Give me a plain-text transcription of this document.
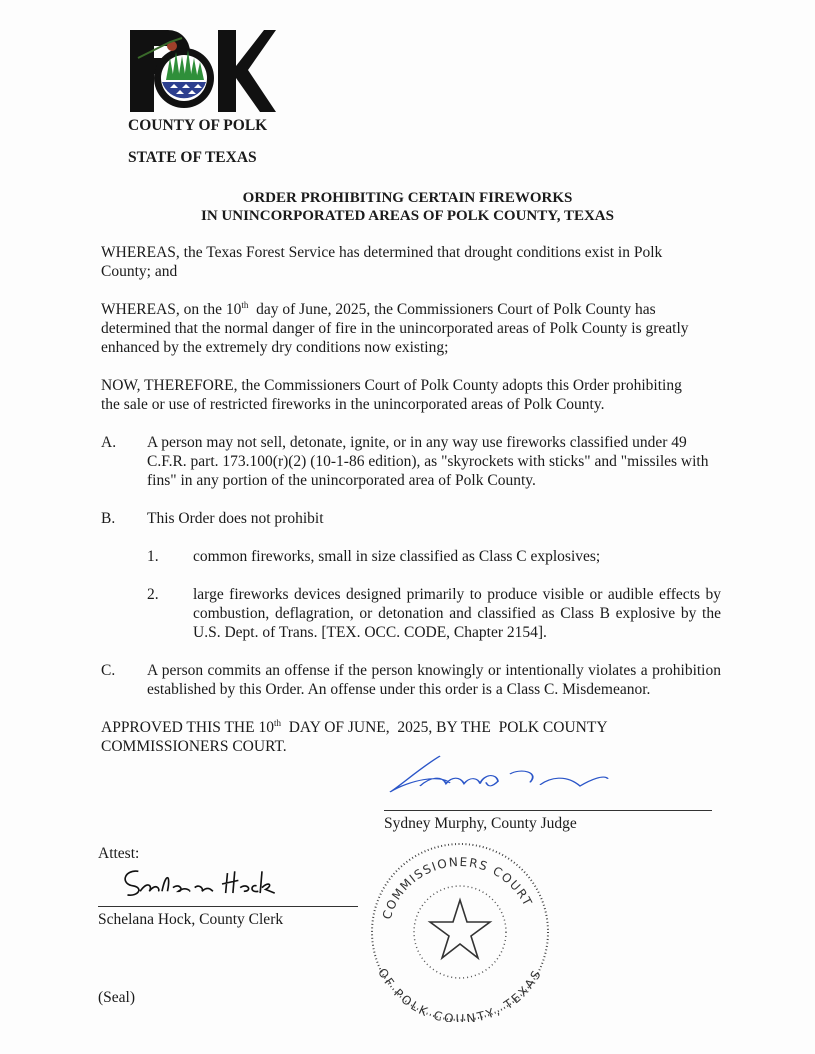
COUNTY OF POLK
STATE OF TEXAS
ORDER PROHIBITING CERTAIN FIREWORKS
IN UNINCORPORATED AREAS OF POLK COUNTY, TEXAS
WHEREAS, the Texas Forest Service has determined that drought conditions exist in Polk County; and
WHEREAS, on the 10th  day of June, 2025, the Commissioners Court of Polk County has determined that the normal danger of fire in the unincorporated areas of Polk County is greatly enhanced by the extremely dry conditions now existing;
NOW, THEREFORE, the Commissioners Court of Polk County adopts this Order prohibiting the sale or use of restricted fireworks in the unincorporated areas of Polk County.
A.	A person may not sell, detonate, ignite, or in any way use fireworks classified under 49 C.F.R. part. 173.100(r)(2) (10-1-86 edition), as "skyrockets with sticks" and "missiles with fins" in any portion of the unincorporated area of Polk County.
B.	This Order does not prohibit
1.	common fireworks, small in size classified as Class C explosives;
2.	large fireworks devices designed primarily to produce visible or audible effects by combustion, deflagration, or detonation and classified as Class B explosive by the U.S. Dept. of Trans. [TEX. OCC. CODE, Chapter 2154].
C.	A person commits an offense if the person knowingly or intentionally violates a prohibition established by this Order. An offense under this order is a Class C. Misdemeanor.
APPROVED THIS THE 10th  DAY OF JUNE,  2025, BY THE  POLK COUNTY
COMMISSIONERS COURT.
Sydney Murphy, County Judge
Attest:
Schelana Hock, County Clerk
(Seal)
COMMISSIONERS COURT
OF POLK COUNTY, TEXAS
